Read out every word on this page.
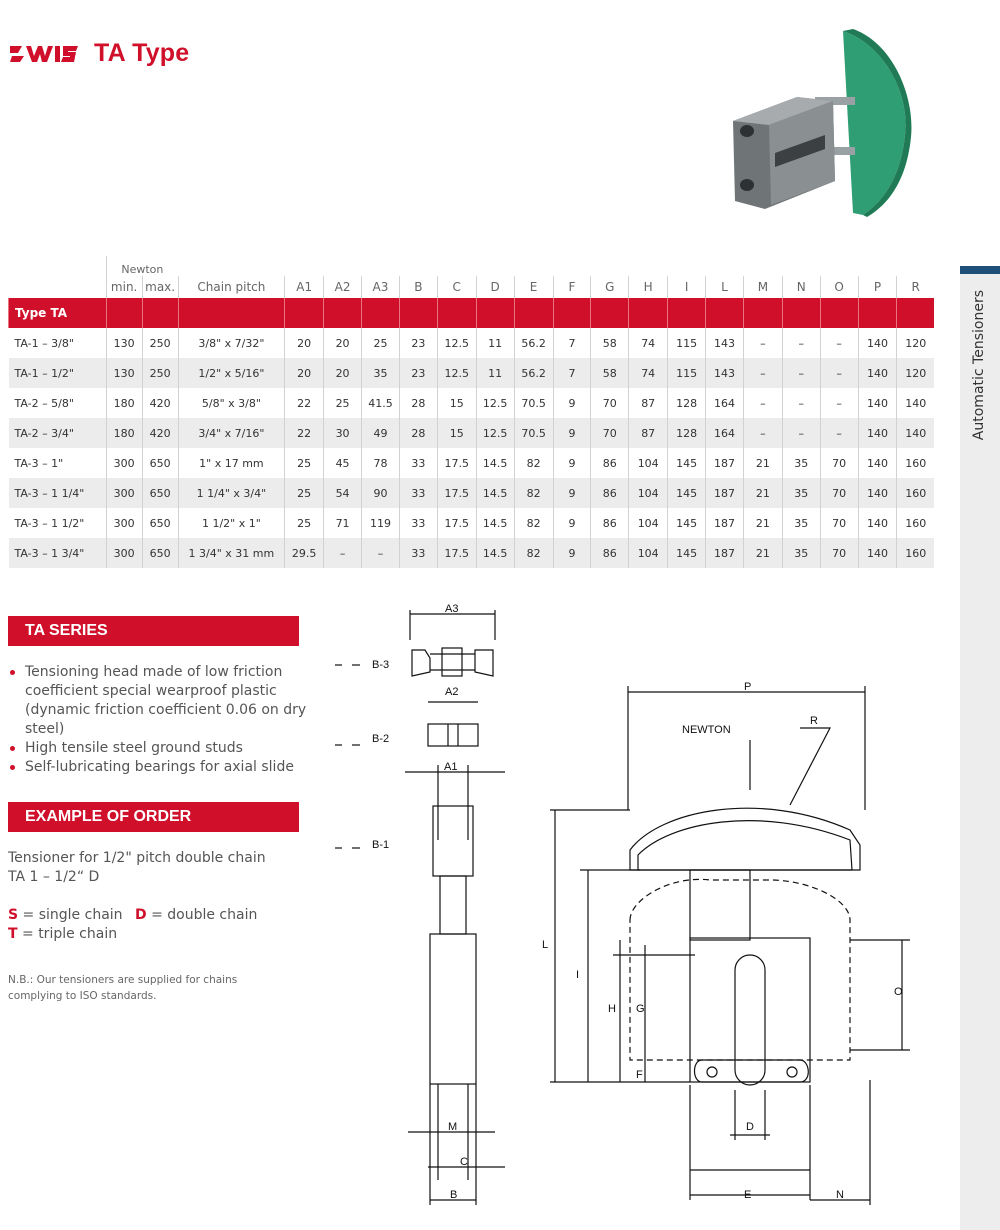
TA Type
Automatic Tensioners
	Newton																			
	min.	max.	Chain pitch	A1	A2	A3	B	C	D	E	F	G	H	I	L	M	N	O	P	R
Type TA																				
TA-1 – 3/8"	130	250	3/8" x 7/32"	20	20	25	23	12.5	11	56.2	7	58	74	115	143	–	–	–	140	120
TA-1 – 1/2"	130	250	1/2" x 5/16"	20	20	35	23	12.5	11	56.2	7	58	74	115	143	–	–	–	140	120
TA-2 – 5/8"	180	420	5/8" x 3/8"	22	25	41.5	28	15	12.5	70.5	9	70	87	128	164	–	–	–	140	140
TA-2 – 3/4"	180	420	3/4" x 7/16"	22	30	49	28	15	12.5	70.5	9	70	87	128	164	–	–	–	140	140
TA-3 – 1"	300	650	1" x 17 mm	25	45	78	33	17.5	14.5	82	9	86	104	145	187	21	35	70	140	160
TA-3 – 1 1/4"	300	650	1 1/4" x 3/4"	25	54	90	33	17.5	14.5	82	9	86	104	145	187	21	35	70	140	160
TA-3 – 1 1/2"	300	650	1 1/2" x 1"	25	71	119	33	17.5	14.5	82	9	86	104	145	187	21	35	70	140	160
TA-3 – 1 3/4"	300	650	1 3/4" x 31 mm	29.5	–	–	33	17.5	14.5	82	9	86	104	145	187	21	35	70	140	160
TA SERIES
Tensioning head made of low friction coefficient special wearproof plastic (dynamic friction coefficient 0.06 on dry steel)
High tensile steel ground studs
Self-lubricating bearings for axial slide
EXAMPLE OF ORDER
Tensioner for 1/2" pitch double chain
TA 1 – 1/2“ D
S = single chain D = double chain
T = triple chain
N.B.: Our tensioners are supplied for chains complying to ISO standards.
A3
B-3
A2
B-2
A1
B-1
M
C
B
P
R
NEWTON
L
I
H G
F
O
D
E	N
